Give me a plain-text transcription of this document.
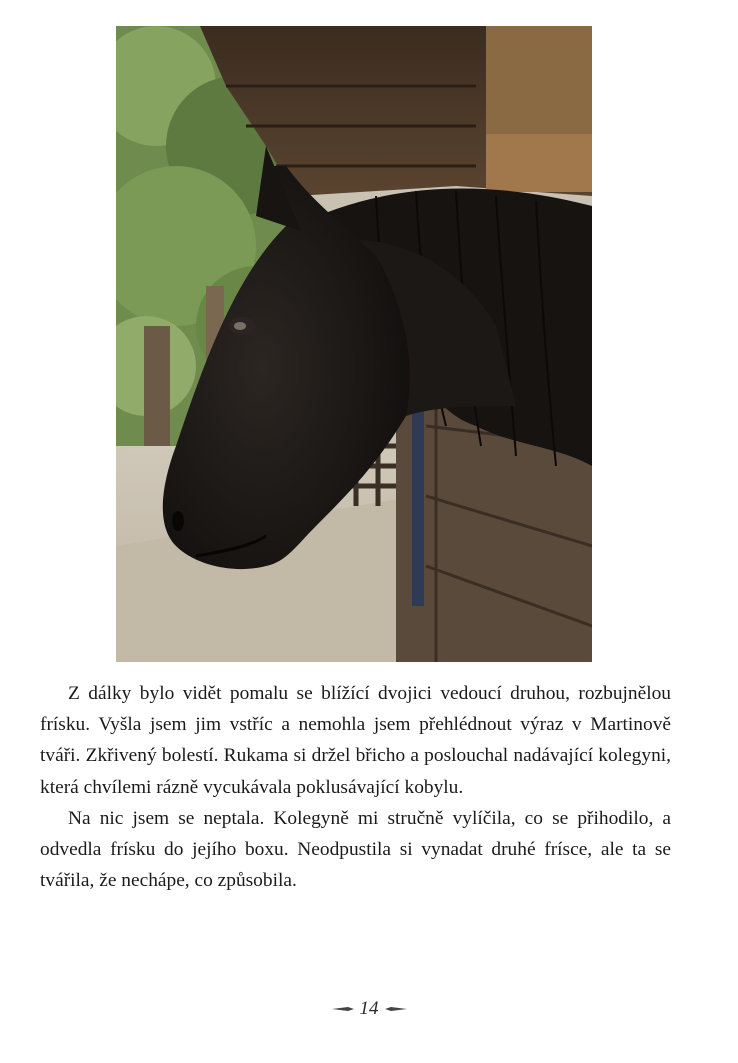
Z dálky bylo vidět pomalu se blížící dvojici vedoucí druhou, rozbujnělou frísku. Vyšla jsem jim vstříc a nemohla jsem přehlédnout výraz v Martinově tváři. Zkřivený bolestí. Rukama si držel břicho a poslouchal nadávající kolegyni, která chvílemi rázně vycukávala poklusávající kobylu.

Na nic jsem se neptala. Kolegyně mi stručně vylíčila, co se přihodilo, a odvedla frísku do jejího boxu. Neodpustila si vynadat druhé frísce, ale ta se tvářila, že nechápe, co způsobila.

14
